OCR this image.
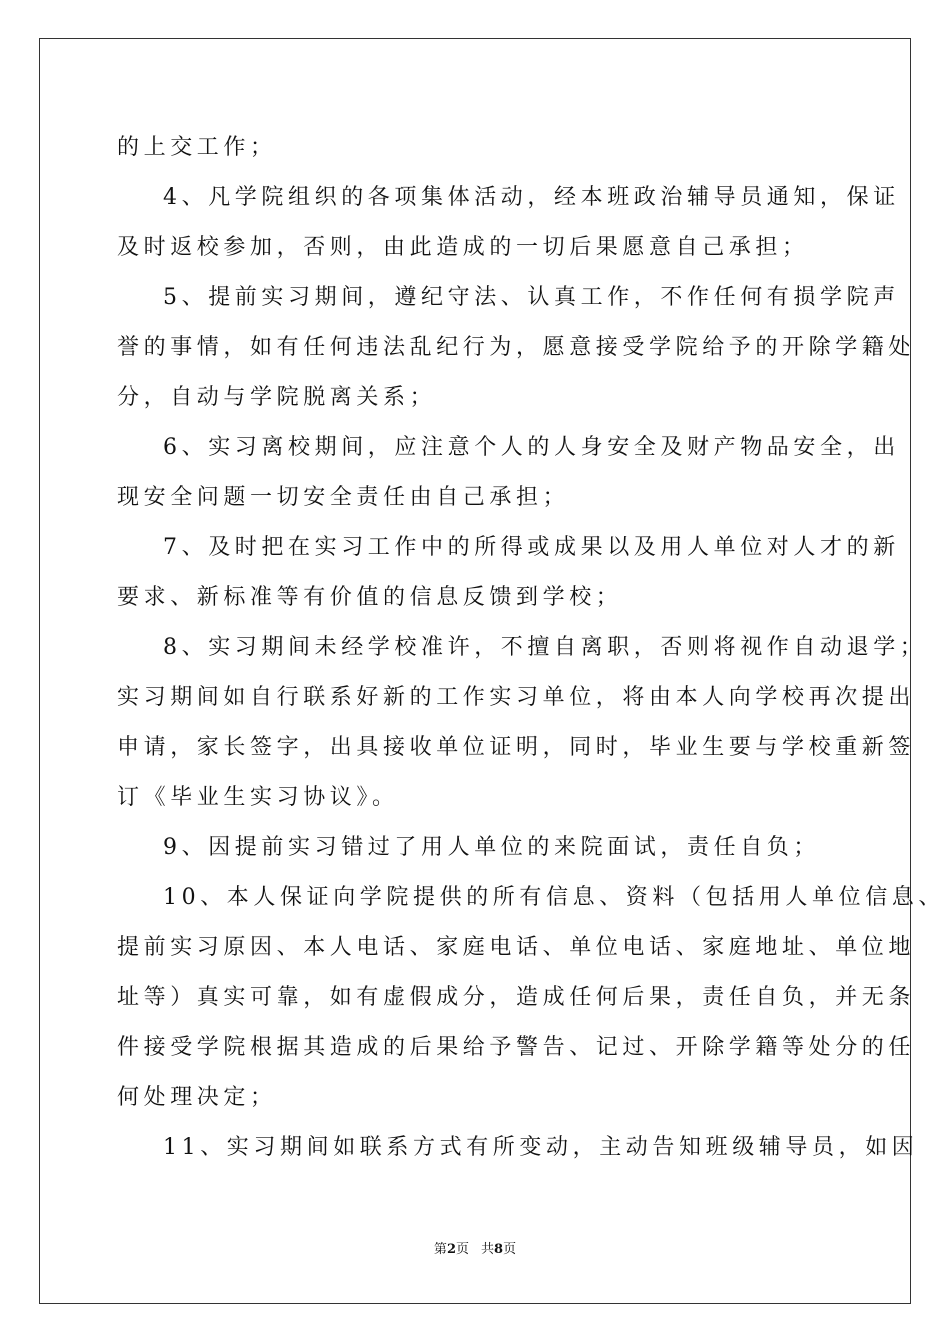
的上交工作；
4、凡学院组织的各项集体活动，经本班政治辅导员通知，保证
及时返校参加，否则，由此造成的一切后果愿意自己承担；
5、提前实习期间，遵纪守法、认真工作，不作任何有损学院声
誉的事情，如有任何违法乱纪行为，愿意接受学院给予的开除学籍处
分，自动与学院脱离关系；
6、实习离校期间，应注意个人的人身安全及财产物品安全，出
现安全问题一切安全责任由自己承担；
7、及时把在实习工作中的所得或成果以及用人单位对人才的新
要求、新标准等有价值的信息反馈到学校；
8、实习期间未经学校准许，不擅自离职，否则将视作自动退学；
实习期间如自行联系好新的工作实习单位，将由本人向学校再次提出
申请，家长签字，出具接收单位证明，同时，毕业生要与学校重新签
订《毕业生实习协议》。
9、因提前实习错过了用人单位的来院面试，责任自负；
10、本人保证向学院提供的所有信息、资料（包括用人单位信息、
提前实习原因、本人电话、家庭电话、单位电话、家庭地址、单位地
址等）真实可靠，如有虚假成分，造成任何后果，责任自负，并无条
件接受学院根据其造成的后果给予警告、记过、开除学籍等处分的任
何处理决定；
11、实习期间如联系方式有所变动，主动告知班级辅导员，如因
第2页 共8页
